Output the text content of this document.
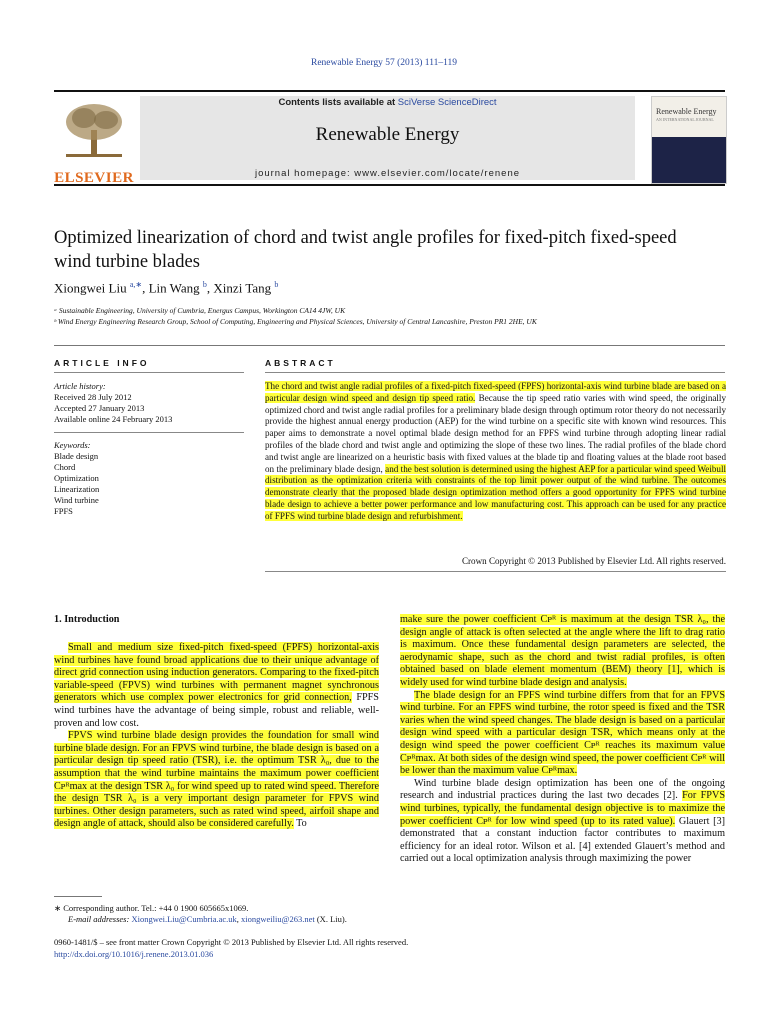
Renewable Energy 57 (2013) 111–119
ELSEVIER
Contents lists available at SciVerse ScienceDirect
Renewable Energy
journal homepage: www.elsevier.com/locate/renene
Renewable Energy
AN INTERNATIONAL JOURNAL
Optimized linearization of chord and twist angle profiles for fixed-pitch fixed-speed wind turbine blades
Xiongwei Liu $^{a,∗}$, Lin Wang $^b$, Xinzi Tang $^b$
ᵃ Sustainable Engineering, University of Cumbria, Energus Campus, Workington CA14 4JW, UK
ᵇ Wind Energy Engineering Research Group, School of Computing, Engineering and Physical Sciences, University of Central Lancashire, Preston PR1 2HE, UK
ARTICLE INFO
Article history:
Received 28 July 2012
Accepted 27 January 2013
Available online 24 February 2013
Keywords:
Blade design
Chord
Optimization
Linearization
Wind turbine
FPFS
ABSTRACT
The chord and twist angle radial profiles of a fixed-pitch fixed-speed (FPFS) horizontal-axis wind turbine blade are based on a particular design wind speed and design tip speed ratio. Because the tip speed ratio varies with wind speed, the originally optimized chord and twist angle radial profiles for a preliminary blade design through optimum rotor theory do not necessarily provide the highest annual energy production (AEP) for the wind turbine on a specific site with known wind resources. This paper aims to demonstrate a novel optimal blade design method for an FPFS wind turbine through adopting linear radial profiles of the blade chord and twist angle and optimizing the slope of these two lines. The radial profiles of the blade chord and twist angle are linearized on a heuristic basis with fixed values at the blade tip and floating values at the blade root based on the preliminary blade design, and the best solution is determined using the highest AEP for a particular wind speed Weibull distribution as the optimization criteria with constraints of the top limit power output of the wind turbine. The outcomes demonstrate clearly that the proposed blade design optimization method offers a good opportunity for FPFS wind turbine blade design to achieve a better power performance and low manufacturing cost. This approach can be used for any practice of FPFS wind turbine blade design and refurbishment.
Crown Copyright © 2013 Published by Elsevier Ltd. All rights reserved.
1. Introduction

Small and medium size fixed-pitch fixed-speed (FPFS) horizontal-axis wind turbines have found broad applications due to their unique advantage of direct grid connection using induction generators. Comparing to the fixed-pitch variable-speed (FPVS) wind turbines with permanent magnet synchronous generators which use complex power electronics for grid connection, FPFS wind turbines have the advantage of being simple, robust and reliable, well-proven and low cost.

FPVS wind turbine blade design provides the foundation for small wind turbine blade design. For an FPVS wind turbine, the blade design is based on a particular design tip speed ratio (TSR), i.e. the optimum TSR λ₀, due to the assumption that the wind turbine maintains the maximum power coefficient Cᴘᴿmax at the design TSR λ₀ for wind speed up to rated wind speed. Therefore the design TSR λ₀ is a very important design parameter for FPVS wind turbines. Other design parameters, such as rated wind speed, airfoil shape and design angle of attack, should also be considered carefully. To

make sure the power coefficient Cᴘᴿ is maximum at the design TSR λ₀, the design angle of attack is often selected at the angle where the lift to drag ratio is maximum. Once these fundamental design parameters are selected, the aerodynamic shape, such as the chord and twist radial profiles, is often obtained based on blade element momentum (BEM) theory [1], which is widely used for wind turbine blade design and analysis.

The blade design for an FPFS wind turbine differs from that for an FPVS wind turbine. For an FPFS wind turbine, the rotor speed is fixed and the TSR varies when the wind speed changes. The blade design is based on a particular design wind speed with a particular design TSR, which means only at the design wind speed the power coefficient Cᴘᴿ reaches its maximum value Cᴘᴿmax. At both sides of the design wind speed, the power coefficient Cᴘᴿ will be lower than the maximum value Cᴘᴿmax.

Wind turbine blade design optimization has been one of the ongoing research and industrial practices during the last two decades [2]. For FPVS wind turbines, typically, the fundamental design objective is to maximize the power coefficient Cᴘᴿ for low wind speed (up to its rated value). Glauert [3] demonstrated that a constant induction factor contributes to maximum efficiency for an ideal rotor. Wilson et al. [4] extended Glauert’s method and carried out a local optimization analysis through maximizing the power

∗ Corresponding author. Tel.: +44 0 1900 605665x1069.
E-mail addresses: Xiongwei.Liu@Cumbria.ac.uk, xiongweiliu@263.net (X. Liu).
0960-1481/$ – see front matter Crown Copyright © 2013 Published by Elsevier Ltd. All rights reserved.
http://dx.doi.org/10.1016/j.renene.2013.01.036
